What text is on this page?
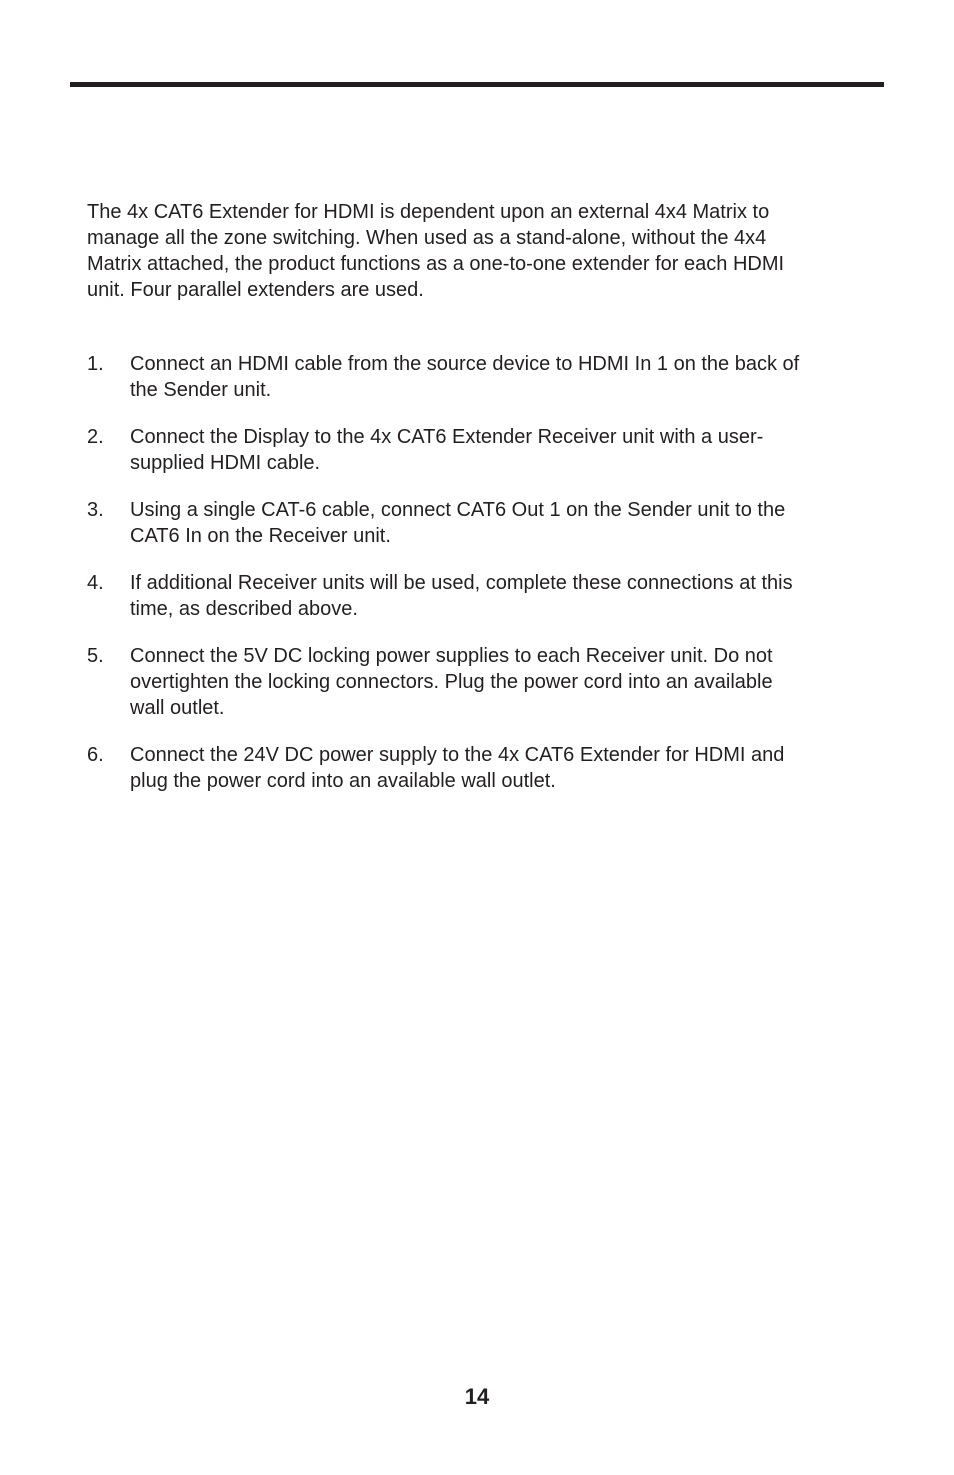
The 4x CAT6 Extender for HDMI is dependent upon an external 4x4 Matrix to
manage all the zone switching. When used as a stand-alone, without the 4x4
Matrix attached, the product functions as a one-to-one extender for each HDMI
unit. Four parallel extenders are used.

1.	Connect an HDMI cable from the source device to HDMI In 1 on the back of
the Sender unit.
2.	Connect the Display to the 4x CAT6 Extender Receiver unit with a user-
supplied HDMI cable.
3.	Using a single CAT-6 cable, connect CAT6 Out 1 on the Sender unit to the
CAT6 In on the Receiver unit.
4.	If additional Receiver units will be used, complete these connections at this
time, as described above.
5.	Connect the 5V DC locking power supplies to each Receiver unit. Do not
overtighten the locking connectors. Plug the power cord into an available
wall outlet.
6.	Connect the 24V DC power supply to the 4x CAT6 Extender for HDMI and
plug the power cord into an available wall outlet.
14
